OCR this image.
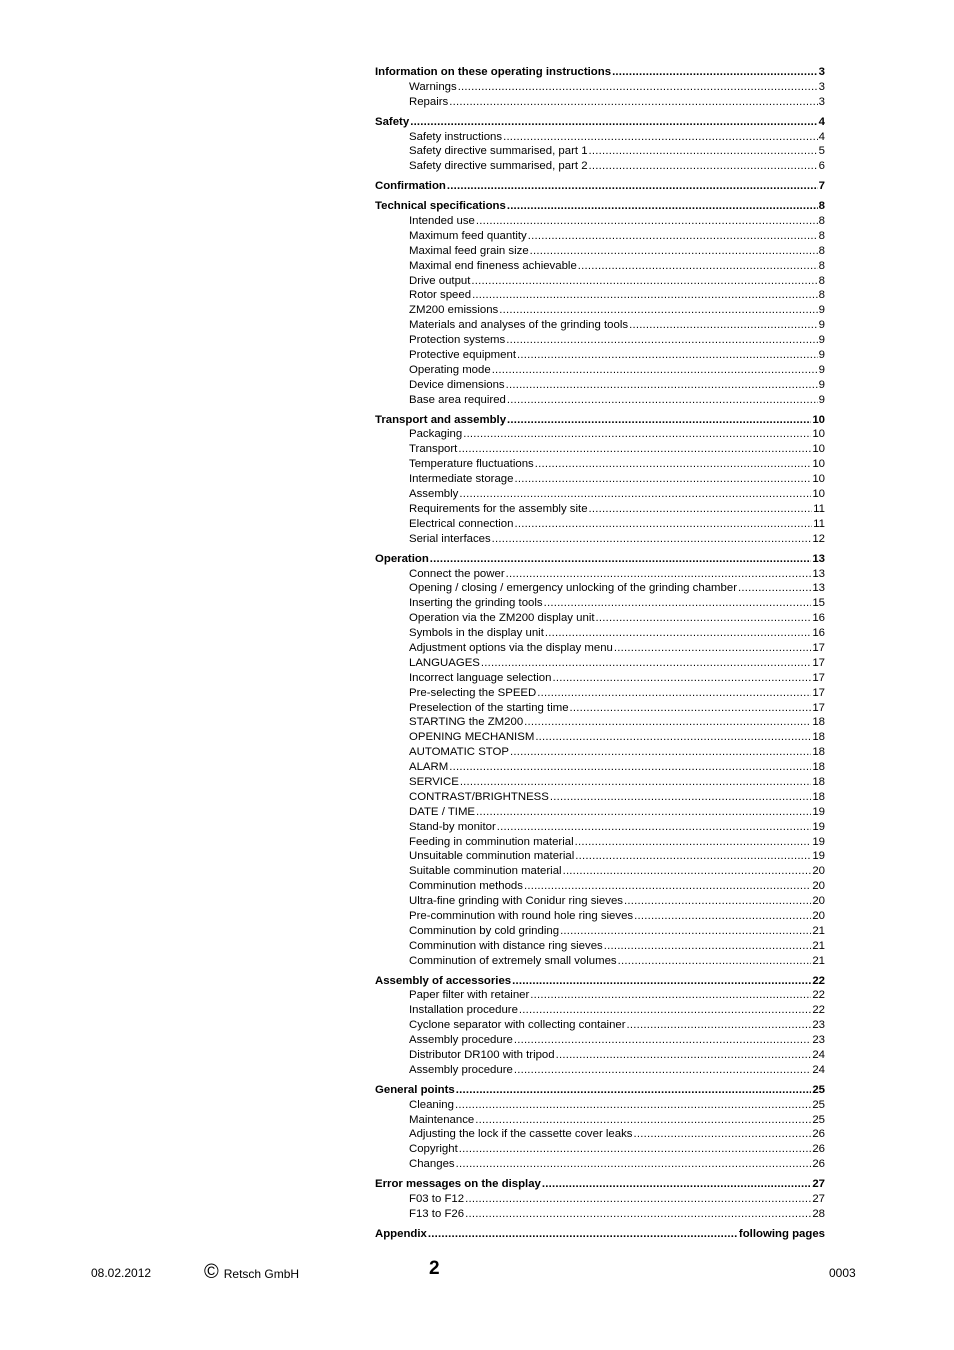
Information on these operating instructions .....	3
Warnings .....	3
Repairs .....	3
Safety .....	4
Safety instructions .....	4
Safety directive summarised, part 1 .....	5
Safety directive summarised, part 2 .....	6
Confirmation .....	7
Technical specifications .....	8
Intended use .....	8
Maximum feed quantity .....	8
Maximal feed grain size .....	8
Maximal end fineness achievable .....	8
Drive output .....	8
Rotor speed .....	8
ZM200 emissions .....	9
Materials and analyses of the grinding tools .....	9
Protection systems .....	9
Protective equipment .....	9
Operating mode .....	9
Device dimensions .....	9
Base area required .....	9
Transport and assembly .....	10
Packaging .....	10
Transport .....	10
Temperature fluctuations .....	10
Intermediate storage .....	10
Assembly .....	10
Requirements for the assembly site .....	11
Electrical connection .....	11
Serial interfaces .....	12
Operation .....	13
Connect the power .....	13
Opening / closing / emergency unlocking of the grinding chamber .....	13
Inserting the grinding tools .....	15
Operation via the ZM200 display unit .....	16
Symbols in the display unit .....	16
Adjustment options via the display menu .....	17
LANGUAGES .....	17
Incorrect language selection .....	17
Pre-selecting the SPEED .....	17
Preselection of the starting time .....	17
STARTING the ZM200 .....	18
OPENING MECHANISM .....	18
AUTOMATIC STOP .....	18
ALARM .....	18
SERVICE .....	18
CONTRAST/BRIGHTNESS .....	18
DATE / TIME .....	19
Stand-by monitor .....	19
Feeding in comminution material .....	19
Unsuitable comminution material .....	19
Suitable comminution material .....	20
Comminution methods .....	20
Ultra-fine grinding with Conidur ring sieves .....	20
Pre-comminution with round hole ring sieves .....	20
Comminution by cold grinding .....	21
Comminution with distance ring sieves .....	21
Comminution of extremely small volumes .....	21
Assembly of accessories .....	22
Paper filter with retainer .....	22
Installation procedure .....	22
Cyclone separator with collecting container .....	23
Assembly procedure .....	23
Distributor DR100 with tripod .....	24
Assembly procedure .....	24
General points .....	25
Cleaning .....	25
Maintenance .....	25
Adjusting the lock if the cassette cover leaks .....	26
Copyright .....	26
Changes .....	26
Error messages on the display .....	27
F03 to F12 .....	27
F13 to F26 .....	28
Appendix .....	following pages
08.02.2012	© Retsch GmbH	2	0003
